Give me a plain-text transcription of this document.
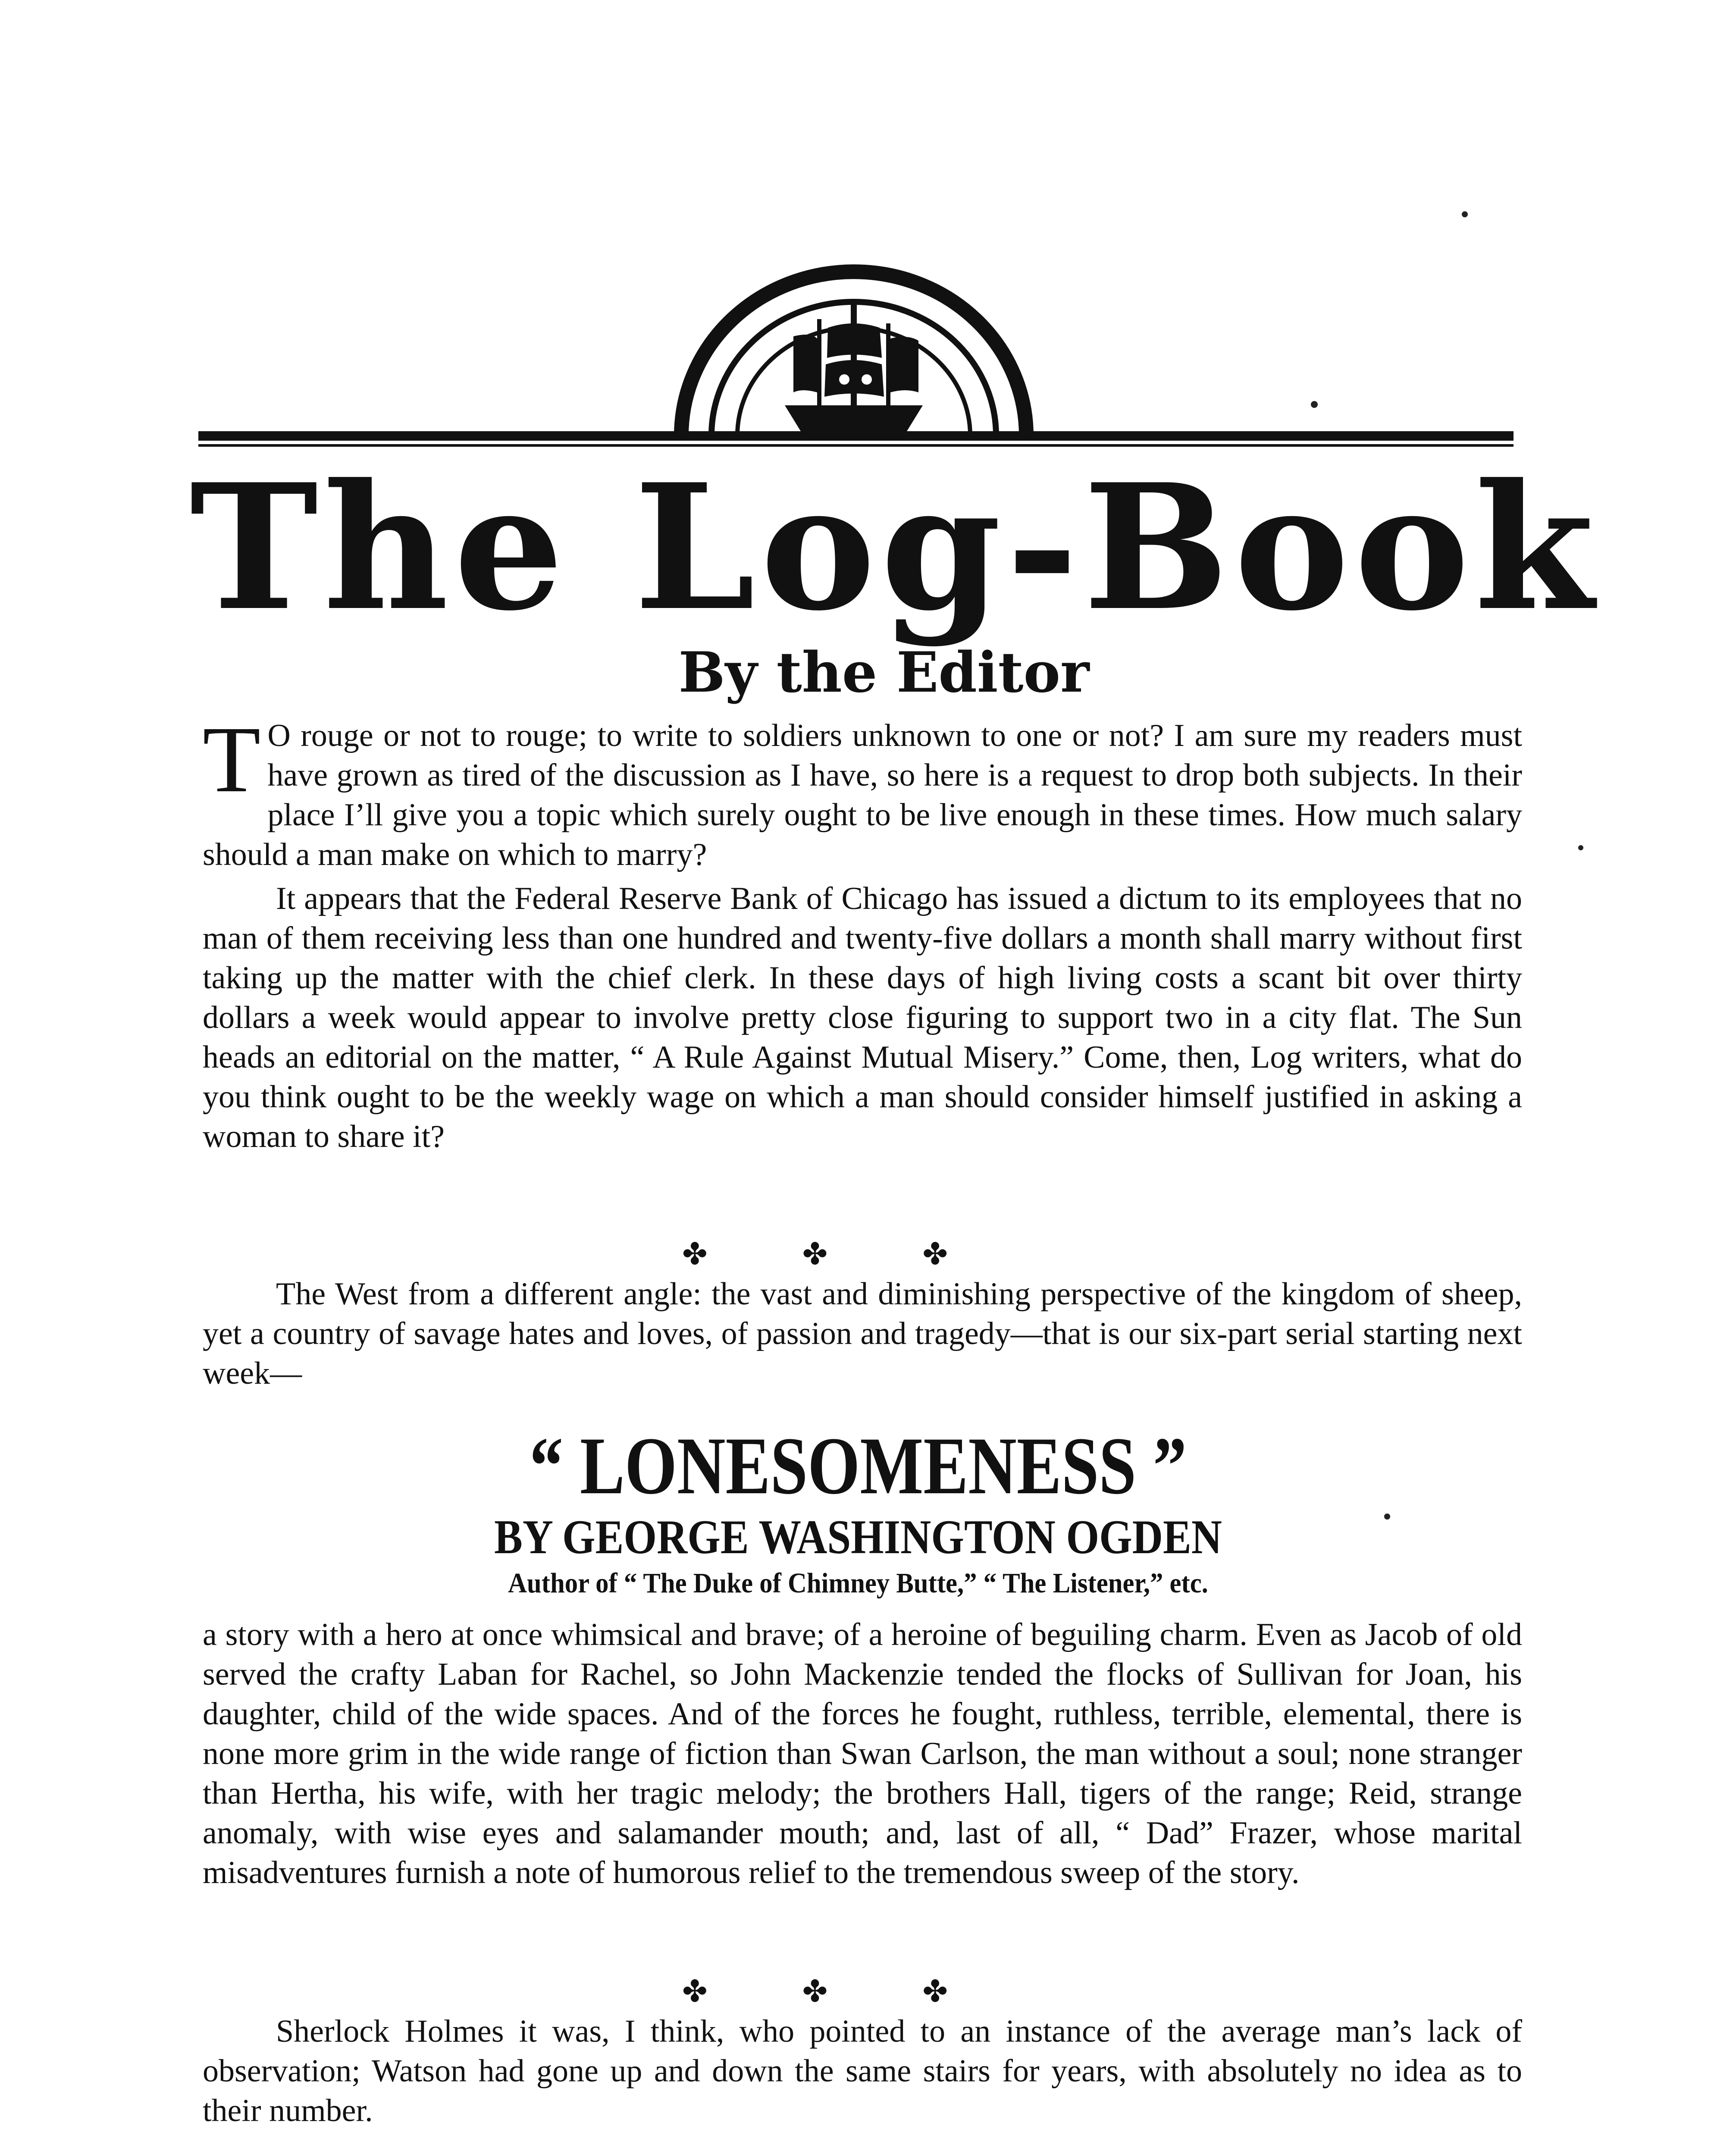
The Log-Book
By the Editor

T O rouge or not to rouge; to write to soldiers unknown to one or not? I am sure my readers must have grown as tired of the discussion as I have, so here is a request to drop both subjects. In their place I’ll give you a topic which surely ought to be live enough in these times. How much salary should a man make on which to marry?

It appears that the Federal Reserve Bank of Chicago has issued a dictum to its employees that no man of them receiving less than one hundred and twenty-five dollars a month shall marry without first taking up the matter with the chief clerk. In these days of high living costs a scant bit over thirty dollars a week would appear to involve pretty close figuring to support two in a city flat. The Sun heads an editorial on the matter, “ A Rule Against Mutual Misery.” Come, then, Log writers, what do you think ought to be the weekly wage on which a man should consider himself justified in asking a woman to share it?

✤✤✤
The West from a different angle: the vast and diminishing perspective of the kingdom of sheep, yet a country of savage hates and loves, of passion and tragedy—that is our six-part serial starting next week—
“ LONESOMENESS ”
BY GEORGE WASHINGTON OGDEN
Author of “ The Duke of Chimney Butte,” “ The Listener,” etc.
a story with a hero at once whimsical and brave; of a heroine of beguiling charm. Even as Jacob of old served the crafty Laban for Rachel, so John Mackenzie tended the flocks of Sullivan for Joan, his daughter, child of the wide spaces. And of the forces he fought, ruthless, terrible, elemental, there is none more grim in the wide range of fiction than Swan Carlson, the man without a soul; none stranger than Hertha, his wife, with her tragic melody; the brothers Hall, tigers of the range; Reid, strange anomaly, with wise eyes and salamander mouth; and, last of all, “ Dad” Frazer, whose marital misadventures furnish a note of humorous relief to the tremendous sweep of the story.
✤✤✤
Sherlock Holmes it was, I think, who pointed to an instance of the average man’s lack of observation; Watson had gone up and down the same stairs for years, with absolutely no idea as to their number.
